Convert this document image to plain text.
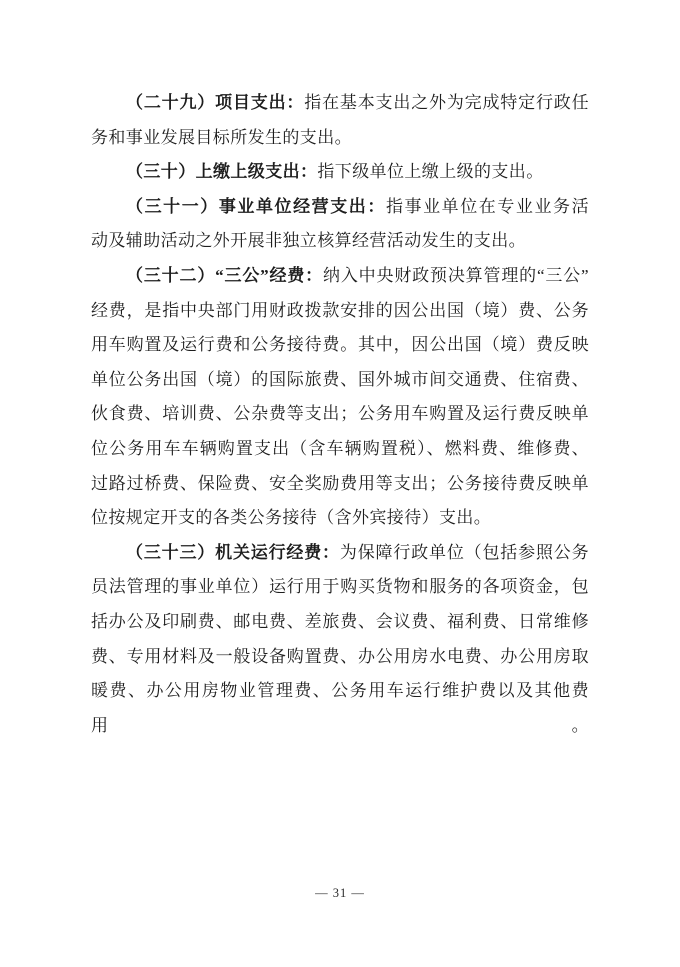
（二十九）项目支出：指在基本支出之外为完成特定行政任
务和事业发展目标所发生的支出。
（三十）上缴上级支出：指下级单位上缴上级的支出。
（三十一）事业单位经营支出：指事业单位在专业业务活
动及辅助活动之外开展非独立核算经营活动发生的支出。
（三十二）“三公”经费：纳入中央财政预决算管理的“三公”
经费，是指中央部门用财政拨款安排的因公出国（境）费、公务
用车购置及运行费和公务接待费。其中，因公出国（境）费反映
单位公务出国（境）的国际旅费、国外城市间交通费、住宿费、
伙食费、培训费、公杂费等支出；公务用车购置及运行费反映单
位公务用车车辆购置支出（含车辆购置税）、燃料费、维修费、
过路过桥费、保险费、安全奖励费用等支出；公务接待费反映单
位按规定开支的各类公务接待（含外宾接待）支出。
（三十三）机关运行经费：为保障行政单位（包括参照公务
员法管理的事业单位）运行用于购买货物和服务的各项资金，包
括办公及印刷费、邮电费、差旅费、会议费、福利费、日常维修
费、专用材料及一般设备购置费、办公用房水电费、办公用房取
暖费、办公用房物业管理费、公务用车运行维护费以及其他费用。
— 31 —
